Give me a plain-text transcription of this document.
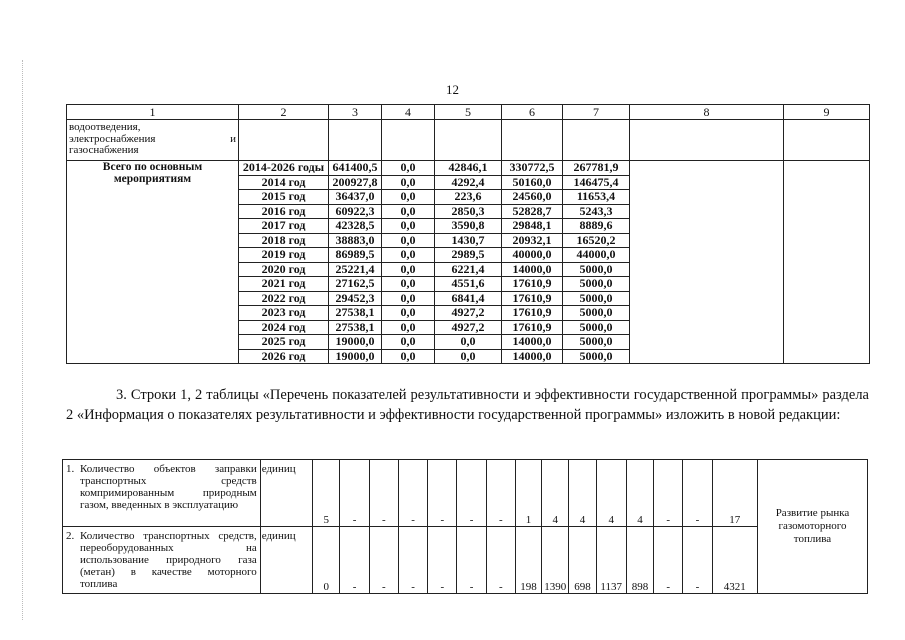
12
1	2	3	4	5	6	7	8	9

водоотведения,
электроснабжения и
газоснабжения								

Всего по основным мероприятиям	2014-2026 годы	641400,5	0,0	42846,1	330772,5	267781,9		
	2014 год	200927,8	0,0	4292,4	50160,0	146475,4		
	2015 год	36437,0	0,0	223,6	24560,0	11653,4		
	2016 год	60922,3	0,0	2850,3	52828,7	5243,3		
	2017 год	42328,5	0,0	3590,8	29848,1	8889,6		
	2018 год	38883,0	0,0	1430,7	20932,1	16520,2		
	2019 год	86989,5	0,0	2989,5	40000,0	44000,0		
	2020 год	25221,4	0,0	6221,4	14000,0	5000,0		
	2021 год	27162,5	0,0	4551,6	17610,9	5000,0		
	2022 год	29452,3	0,0	6841,4	17610,9	5000,0		
	2023 год	27538,1	0,0	4927,2	17610,9	5000,0		
	2024 год	27538,1	0,0	4927,2	17610,9	5000,0		
	2025 год	19000,0	0,0	0,0	14000,0	5000,0		
	2026 год	19000,0	0,0	0,0	14000,0	5000,0		

3. Строки 1, 2 таблицы «Перечень показателей результативности и эффективности государственной программы» раздела 2 «Информация о показателях результативности и эффективности государственной программы» изложить в новой редакции:

1. Количество объектов заправки транспортных средств компримированным природным газом, введенных в эксплуатацию	единиц	5	-	-	-	-	-	-	1	4	4	4	4	-	-	17	Развитие рынка газомоторного топлива

2. Количество транспортных средств, переоборудованных на использование природного газа (метан) в качестве моторного топлива	единиц	0	-	-	-	-	-	-	198	1390	698	1137	898	-	-	4321	
